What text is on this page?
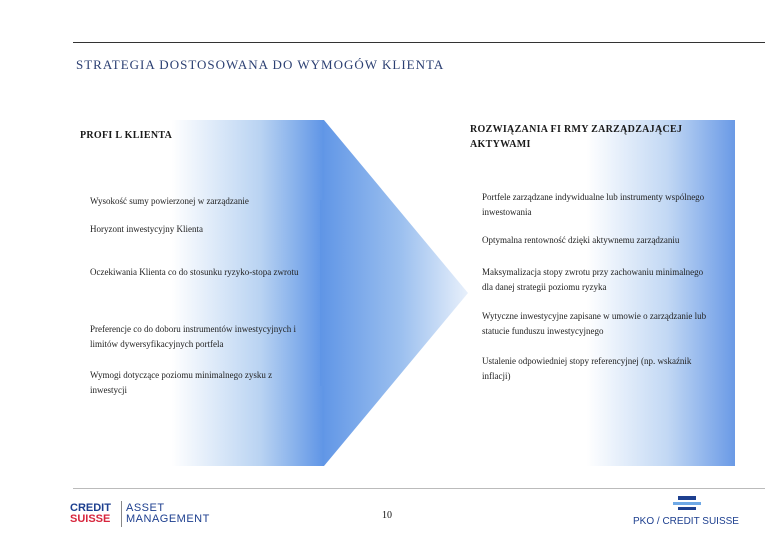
STRATEGIA DOSTOSOWANA DO WYMOGÓW KLIENTA
PROFI L KLIENTA
ROZWIĄZANIA FI RMY ZARZĄDZAJĄCEJ AKTYWAMI
Wysokość sumy powierzonej w zarządzanie
Horyzont inwestycyjny Klienta
Oczekiwania Klienta co do stosunku ryzyko-stopa zwrotu
Preferencje co do doboru instrumentów inwestycyjnych i limitów dywersyfikacyjnych portfela
Wymogi dotyczące poziomu minimalnego zysku z inwestycji
Portfele zarządzane indywidualne lub instrumenty wspólnego inwestowania
Optymalna rentowność dzięki aktywnemu zarządzaniu
Maksymalizacja stopy zwrotu przy zachowaniu minimalnego dla danej strategii poziomu ryzyka
Wytyczne inwestycyjne zapisane w umowie o zarządzanie lub statucie funduszu inwestycyjnego
Ustalenie odpowiedniej stopy referencyjnej (np. wskaźnik inflacji)
CREDIT
SUISSE
ASSET
MANAGEMENT	10
PKO / CREDIT SUISSE
